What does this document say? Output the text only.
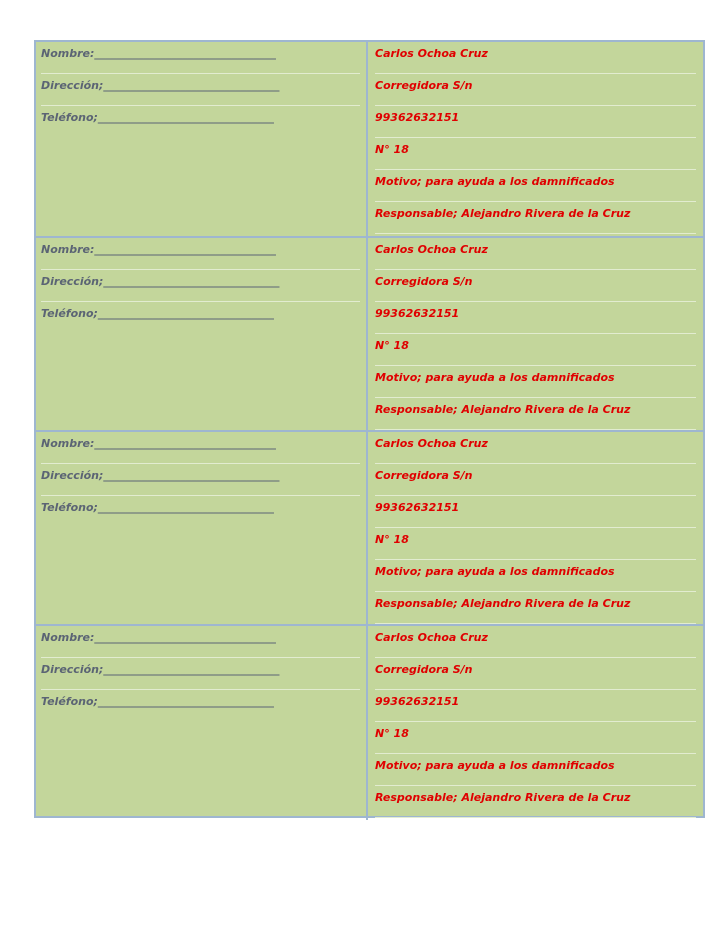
Nombre:_________________________________
Dirección;________________________________
Teléfono;________________________________
Carlos Ochoa Cruz
Corregidora S/n
99362632151
N° 18
Motivo; para ayuda a los damnificados
Responsable; Alejandro Rivera de la Cruz
Nombre:_________________________________
Dirección;________________________________
Teléfono;________________________________
Carlos Ochoa Cruz
Corregidora S/n
99362632151
N° 18
Motivo; para ayuda a los damnificados
Responsable; Alejandro Rivera de la Cruz
Nombre:_________________________________
Dirección;________________________________
Teléfono;________________________________
Carlos Ochoa Cruz
Corregidora S/n
99362632151
N° 18
Motivo; para ayuda a los damnificados
Responsable; Alejandro Rivera de la Cruz
Nombre:_________________________________
Dirección;________________________________
Teléfono;________________________________
Carlos Ochoa Cruz
Corregidora S/n
99362632151
N° 18
Motivo; para ayuda a los damnificados
Responsable; Alejandro Rivera de la Cruz
